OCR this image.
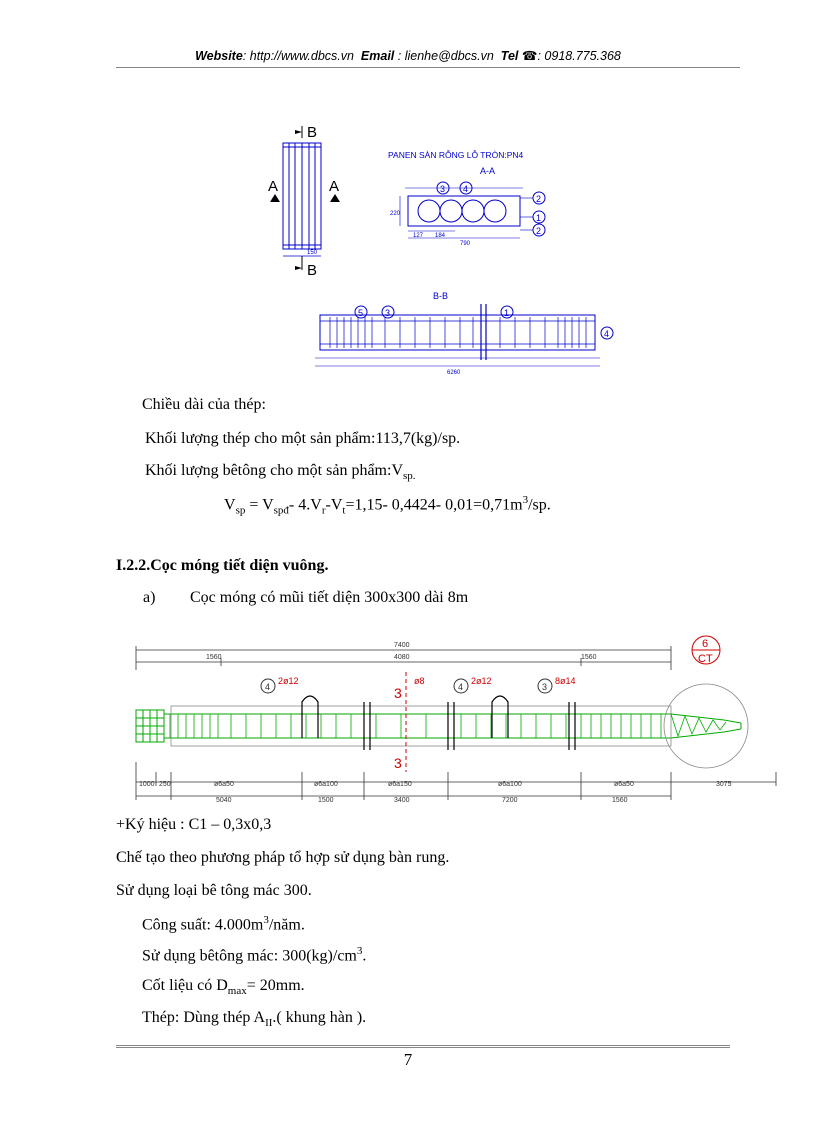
Website: http://www.dbcs.vn Email : lienhe@dbcs.vn Tel ☎: 0918.775.368
B
B
A	A
150
PANEN SÀN RỖNG LỖ TRÒN:PN4
A-A
2
1
2
3 4
220
127 184
790
B-B
5 3	1
4
6260
Chiều dài của thép:
Khối lượng thép cho một sản phẩm:113,7(kg)/sp.
Khối lượng bêtông cho một sản $phẩm:V_{sp.}$
$V_{sp} = V_{spđ}-$ $4.V_r-V_t=1,15-$ 0,4424- $0,01=0,71m^3/sp$.
I.2.2.Cọc móng tiết diện vuông.
a) Cọc móng có mũi tiết diện 300x300 dài 8m
7400
1560	4080	1560
6
CT
4
2ø12	ø8
4
2ø12
3
8ø14
3
3
1000 250	ø6a50	ø6a100	ø6a150	ø6a100	ø6a50	3075
5040	1500	3400	7200	1560
+Ký hiệu : C1 – 0,3x0,3
Chế tạo theo phương pháp tổ hợp sử dụng bàn rung.
Sử dụng loại bê tông mác 300.
Công suất: $4.000m^3$/năm.
Sử dụng bêtông mác: $300(kg)/cm^3$.
Cốt liệu có $D_{max}= 20mm$.
Thép: Dùng thép $A_{II}$.( khung hàn ).
7
